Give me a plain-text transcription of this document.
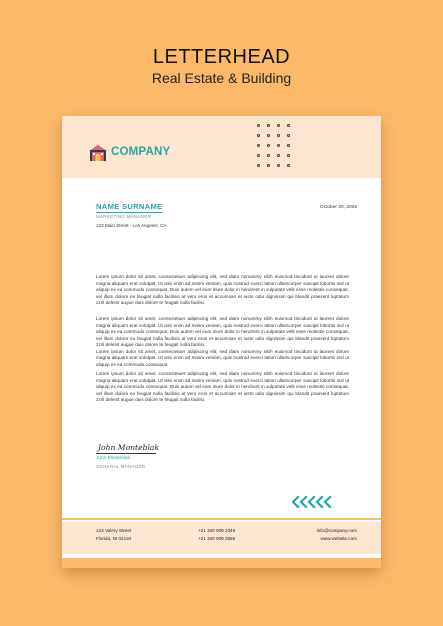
LETTERHEAD
Real Estate & Building
COMPANY
NAME SURNAME
MARKETING MANAGER
123 Main Street - Los Angeles, CA
October 20, 2026
Lorem ipsum dolor sit amet, consectetuer adipiscing elit, sed diam nonummy nibh euismod tincidunt ut laoreet dolore magna aliquam erat volutpat. Ut wisi enim ad minim veniam, quis nostrud exerci tation ullamcorper suscipit lobortis nisl ut aliquip ex ea commodo consequat. Duis autem vel eum iriure dolor in hendrerit in vulputate velit esse molestie consequat, vel illum dolore eu feugiat nulla facilisis at vero eros et accumsan et iusto odio dignissim qui blandit praesent luptatum zzril delenit augue duis dolore te feugait nulla facilisi.
Lorem ipsum dolor sit amet, consectetuer adipiscing elit, sed diam nonummy nibh euismod tincidunt ut laoreet dolore magna aliquam erat volutpat. Ut wisi enim ad minim veniam, quis nostrud exerci tation ullamcorper suscipit lobortis nisl ut aliquip ex ea commodo consequat. Duis autem vel eum iriure dolor in hendrerit in vulputate velit esse molestie consequat, vel illum dolore eu feugiat nulla facilisis at vero eros et accumsan et iusto odio dignissim qui blandit praesent luptatum zzril delenit augue duis dolore te feugait nulla facilisi.
Lorem ipsum dolor sit amet, consectetuer adipiscing elit, sed diam nonummy nibh euismod tincidunt ut laoreet dolore magna aliquam erat volutpat. Ut wisi enim ad minim veniam, quis nostrud exerci tation ullamcorper suscipit lobortis nisl ut aliquip ex ea commodo consequat.
Lorem ipsum dolor sit amet, consectetuer adipiscing elit, sed diam nonummy nibh euismod tincidunt ut laoreet dolore magna aliquam erat volutpat. Ut wisi enim ad minim veniam, quis nostrud exerci tation ullamcorper suscipit lobortis nisl ut aliquip ex ea commodo consequat. Duis autem vel eum iriure dolor in hendrerit in vulputate velit esse molestie consequat, vel illum dolore eu feugiat nulla facilisis at vero eros et accumsan et iusto odio dignissim qui blandit praesent luptatum zzril delenit augue duis dolore te feugait nulla facilisi.
John Monteblak
John Monteblak
GENERAL MANAGER
123 Valery Street
Florida, NI 02134
+21 340 009 2346
+21 340 009 2555
info@company.com
www.website.com
